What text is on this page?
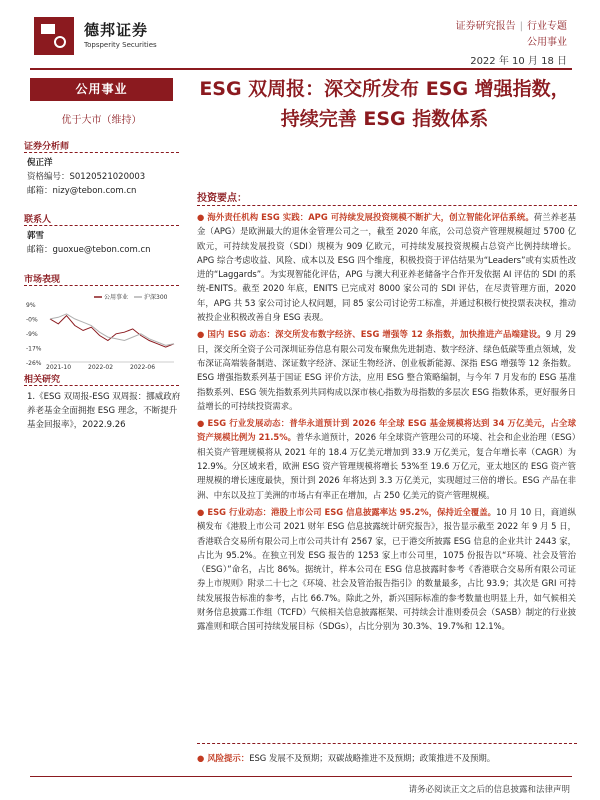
德邦证券
Topsperity Securities
证券研究报告 | 行业专题
公用事业
2022 年 10 月 18 日
公用事业
优于大市（维持）
证券分析师
倪正洋
资格编号：S0120521020003
邮箱：nizy@tebon.com.cn
联系人
郭雪
邮箱：guoxue@tebon.com.cn
市场表现
9%
-0%
-9%
-17%
-26%
2021-10	2022-02	2022-06
公用事业	沪深300
相关研究
1.《ESG 双周报-ESG 双周报：挪威政府养老基金全面拥抱 ESG 理念，不断提升基金回报率》，2022.9.26
ESG 双周报：深交所发布 ESG 增强指数，持续完善 ESG 指数体系
投资要点：

● 海外责任机构 ESG 实践：APG 可持续发展投资规模不断扩大，创立智能化评估系统。荷兰养老基金（APG）是欧洲最大的退休金管理公司之一，截至 2020 年底，公司总资产管理规模超过 5700 亿欧元，可持续发展投资（SDI）规模为 909 亿欧元，可持续发展投资规模占总资产比例持续增长。APG 综合考虑收益、风险、成本以及 ESG 四个维度，积极投资于评估结果为“Leaders”或有实质性改进的“Laggards”。为实现智能化评估，APG 与澳大利亚养老储备字合作开发依据 AI 评估的 SDI 的系统-ENITS。截至 2020 年底，ENITS 已完成对 8000 家公司的 SDI 评估，在尽责管理方面，2020 年，APG 共 53 家公司讨论人权问题，同 85 家公司讨论劳工标准，并通过积极行使投票表决权，推动被投企业积极改善自身 ESG 表现。

● 国内 ESG 动态：深交所发布数字经济、ESG 增强等 12 条指数，加快推进产品端建设。9 月 29 日，深交所全资子公司深圳证券信息有限公司发布聚焦先进制造、数字经济、绿色低碳等重点领域，发布深证高端装备制造、深证数字经济、深证生物经济、创业板新能源、深指 ESG 增强等 12 条指数。ESG 增强指数系列基于国证 ESG 评价方法，应用 ESG 整合策略编制，与今年 7 月发布的 ESG 基准指数系列、ESG 领先指数系列共同构成以深市核心指数为母指数的多层次 ESG 指数体系，更好服务日益增长的可持续投资需求。

● ESG 行业发展动态：普华永道预计到 2026 年全球 ESG 基金规模将达到 34 万亿美元，占全球资产规模比例为 21.5%。普华永道预计，2026 年全球资产管理公司的环境、社会和企业治理（ESG）相关资产管理规模将从 2021 年的 18.4 万亿美元增加到 33.9 万亿美元，复合年增长率（CAGR）为 12.9%。分区域来看，欧洲 ESG 资产管理规模将增长 53%至 19.6 万亿元，亚太地区的 ESG 资产管理规模的增长速度最快，预计到 2026 年将达到 3.3 万亿美元，实现超过三倍的增长。ESG 产品在非洲、中东以及拉丁美洲的市场占有率正在增加，占 250 亿美元的资产管理规模。

● ESG 行业动态：港股上市公司 ESG 信息披露率达 95.2%，保持近全覆盖。10 月 10 日，商道纵横发布《港股上市公司 2021 财年 ESG 信息披露统计研究报告》，报告显示截至 2022 年 9 月 5 日，香港联合交易所有限公司上市公司共计有 2567 家，已于港交所披露 ESG 信息的企业共计 2443 家，占比为 95.2%。在独立刊发 ESG 报告的 1253 家上市公司里，1075 份报告以“环境、社会及管治（ESG）”命名，占比 86%。据统计，样本公司在 ESG 信息披露时参考《香港联合交易所有限公司证券上市规则》附录二十七之《环境、社会及管治报告指引》的数量最多，占比 93.9；其次是 GRI 可持续发展报告标准的参考，占比 66.7%。除此之外，新兴国际标准的参考数量也明显上升，如气候相关财务信息披露工作组（TCFD）气候相关信息披露框架、可持续会计准则委员会（SASB）制定的行业披露准则和联合国可持续发展目标（SDGs），占比分别为 30.3%、19.7%和 12.1%。

● 风险提示：ESG 发展不及预期；双碳战略推进不及预期；政策推进不及预期。
请务必阅读正文之后的信息披露和法律声明
